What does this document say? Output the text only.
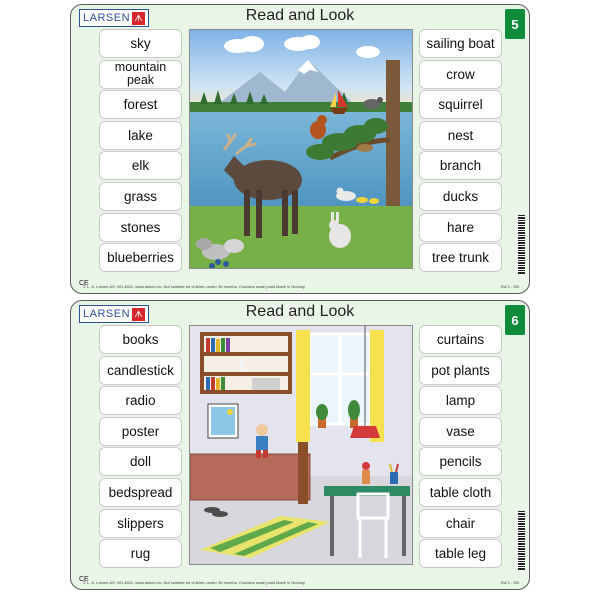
LARSEN ᗑ	Read and Look	5
sky
mountain peak
forest
lake
elk
grass
stones
blueberries
sailing boat
crow
squirrel
nest
branch
ducks
hare
tree trunk
CE
© L. A. Larsen AS, NO-4801, www.larsen.no. Not suitable for children under 36 months. Contains small parts. Made in Norway	RA 3 - GB
LARSEN ᗑ	Read and Look	6
books
candlestick
radio
poster
doll
bedspread
slippers
rug
curtains
pot plants
lamp
vase
pencils
table cloth
chair
table leg
CE
© L. A. Larsen AS, NO-4801, www.larsen.no. Not suitable for children under 36 months. Contains small parts. Made in Norway	RA 3 - GB
